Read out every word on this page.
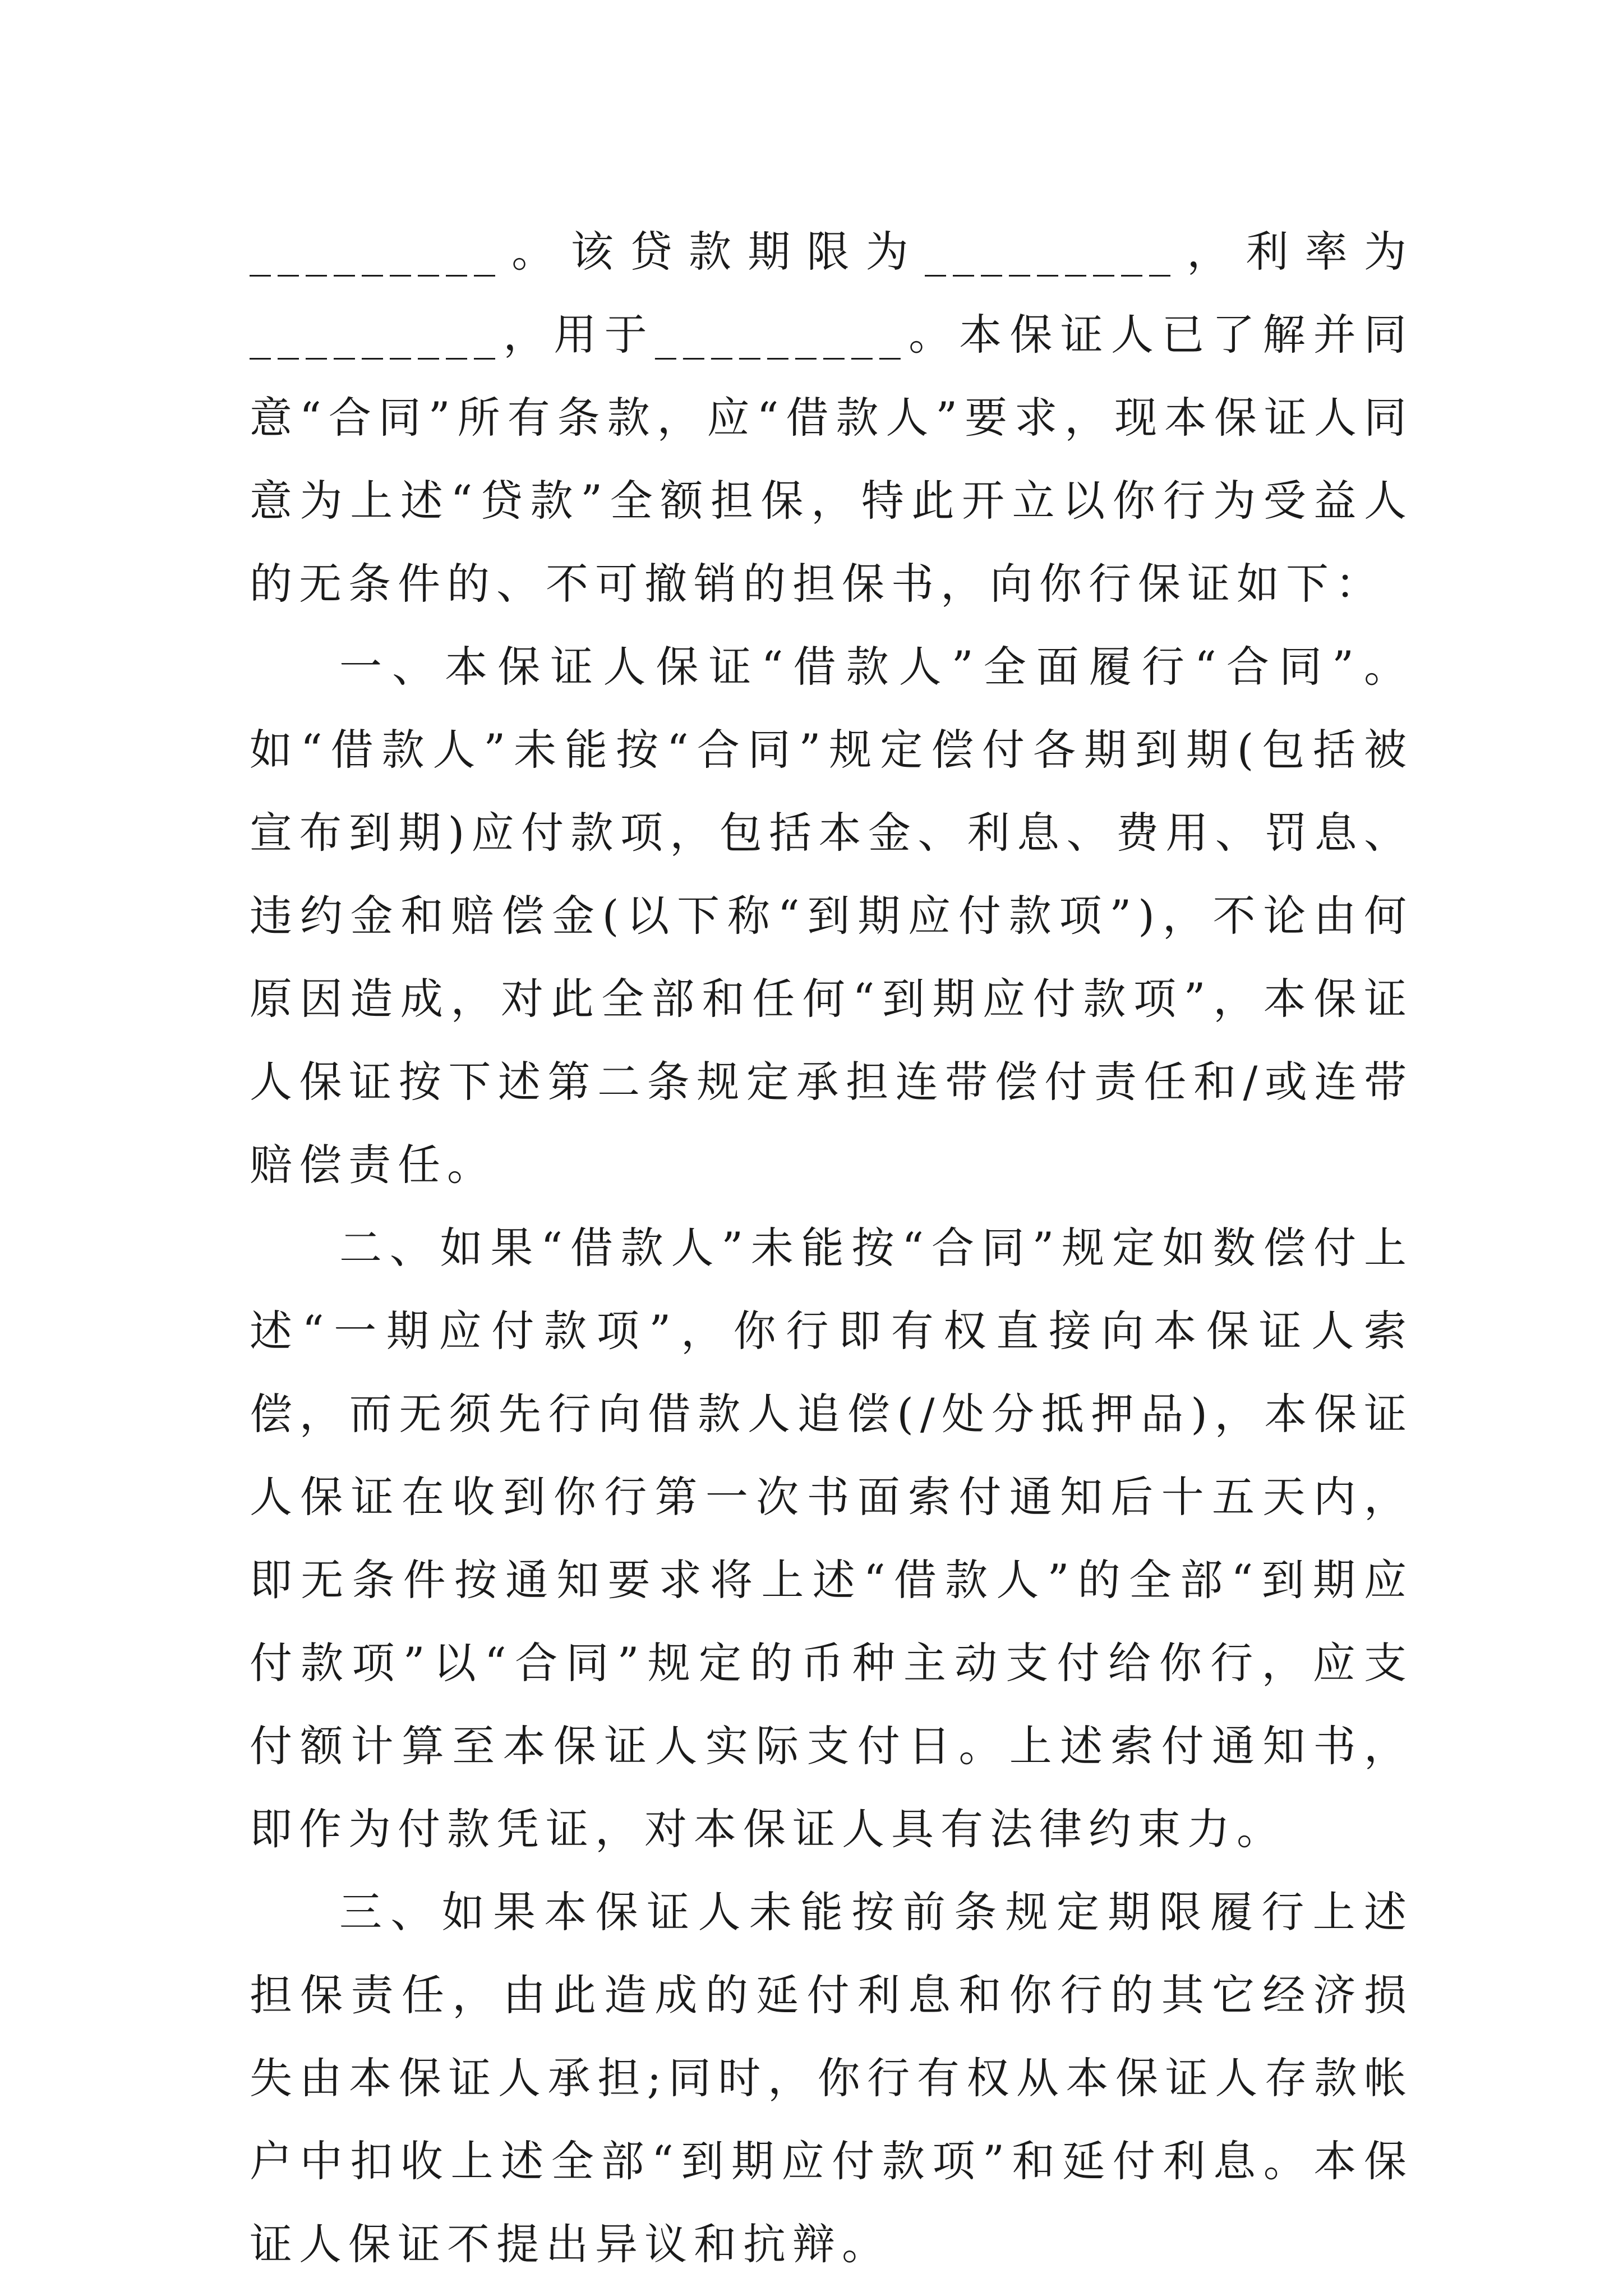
_________。该贷款期限为_________，利率为_________，用于_________。本保证人已了解并同意“合同”所有条款，应“借款人”要求，现本保证人同意为上述“贷款”全额担保，特此开立以你行为受益人的无条件的、不可撤销的担保书，向你行保证如下：

一、本保证人保证“借款人”全面履行“合同”。如“借款人”未能按“合同”规定偿付各期到期(包括被宣布到期)应付款项，包括本金、利息、费用、罚息、违约金和赔偿金(以下称“到期应付款项”)，不论由何原因造成，对此全部和任何“到期应付款项”，本保证人保证按下述第二条规定承担连带偿付责任和/或连带赔偿责任。

二、如果“借款人”未能按“合同”规定如数偿付上述“一期应付款项”，你行即有权直接向本保证人索偿，而无须先行向借款人追偿(/处分抵押品)，本保证人保证在收到你行第一次书面索付通知后十五天内，即无条件按通知要求将上述“借款人”的全部“到期应付款项”以“合同”规定的币种主动支付给你行，应支付额计算至本保证人实际支付日。上述索付通知书，即作为付款凭证，对本保证人具有法律约束力。

三、如果本保证人未能按前条规定期限履行上述担保责任，由此造成的延付利息和你行的其它经济损失由本保证人承担;同时，你行有权从本保证人存款帐户中扣收上述全部“到期应付款项”和延付利息。本保证人保证不提出异议和抗辩。
